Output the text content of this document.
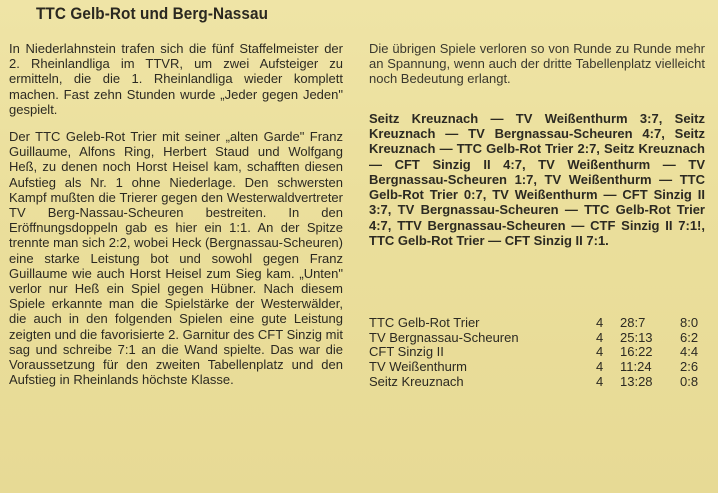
TTC Gelb-Rot und Berg-Nassau

In Niederlahnstein trafen sich die fünf Staffelmeister der 2. Rheinlandliga im TTVR, um zwei Aufsteiger zu ermitteln, die die 1. Rheinlandliga wieder komplett machen. Fast zehn Stunden wurde „Jeder gegen Jeden" gespielt.

Der TTC Geleb-Rot Trier mit seiner „alten Garde" Franz Guillaume, Alfons Ring, Herbert Staud und Wolfgang Heß, zu denen noch Horst Heisel kam, schafften diesen Aufstieg als Nr. 1 ohne Niederlage. Den schwersten Kampf mußten die Trierer gegen den Westerwaldvertreter TV Berg-Nassau-Scheuren bestreiten. In den Eröffnungsdoppeln gab es hier ein 1:1. An der Spitze trennte man sich 2:2, wobei Heck (Bergnassau-Scheuren) eine starke Leistung bot und sowohl gegen Franz Guillaume wie auch Horst Heisel zum Sieg kam. „Unten" verlor nur Heß ein Spiel gegen Hübner. Nach diesem Spiele erkannte man die Spielstärke der Westerwälder, die auch in den folgenden Spielen eine gute Leistung zeigten und die favorisierte 2. Garnitur des CFT Sinzig mit sag und schreibe 7:1 an die Wand spielte. Das war die Voraussetzung für den zweiten Tabellenplatz und den Aufstieg in Rheinlands höchste Klasse.

Die übrigen Spiele verloren so von Runde zu Runde mehr an Spannung, wenn auch der dritte Tabellenplatz vielleicht noch Bedeutung erlangt.

Seitz Kreuznach — TV Weißenthurm 3:7, Seitz Kreuznach — TV Bergnassau-Scheuren 4:7, Seitz Kreuznach — TTC Gelb-Rot Trier 2:7, Seitz Kreuznach — CFT Sinzig II 4:7, TV Weißenthurm — TV Bergnassau-Scheuren 1:7, TV Weißenthurm — TTC Gelb-Rot Trier 0:7, TV Weißenthurm — CFT Sinzig II 3:7, TV Bergnassau-Scheuren — TTC Gelb-Rot Trier 4:7, TTV Bergnassau-Scheuren — CTF Sinzig II 7:1!, TTC Gelb-Rot Trier — CFT Sinzig II 7:1.

TTC Gelb-Rot Trier	4	28:7	8:0
TV Bergnassau-Scheuren	4	25:13	6:2
CFT Sinzig II	4	16:22	4:4
TV Weißenthurm	4	11:24	2:6
Seitz Kreuznach	4	13:28	0:8
